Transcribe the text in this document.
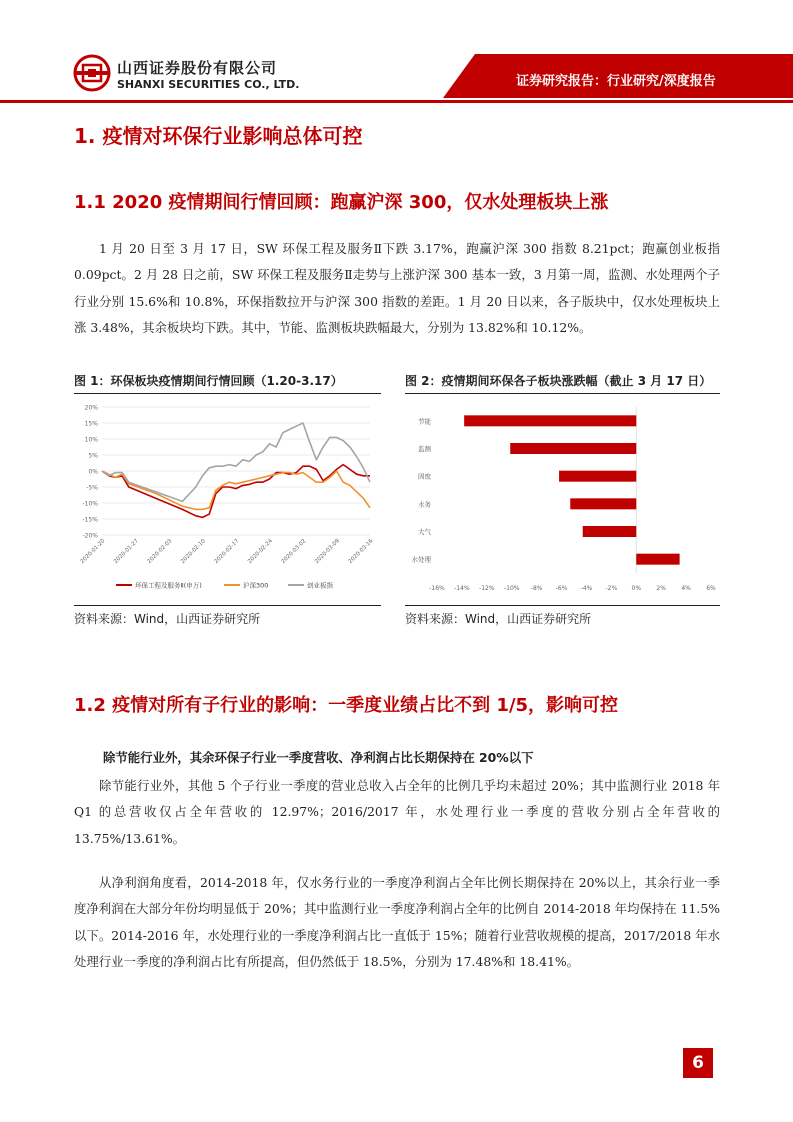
山西证券股份有限公司
SHANXI SECURITIES CO., LTD.	证券研究报告：行业研究/深度报告
1. 疫情对环保行业影响总体可控
1.1 2020 疫情期间行情回顾：跑赢沪深 300，仅水处理板块上涨
1 月 20 日至 3 月 17 日，SW 环保工程及服务Ⅱ下跌 3.17%，跑赢沪深 300 指数 8.21pct；跑赢创业板指 0.09pct。2 月 28 日之前，SW 环保工程及服务Ⅱ走势与上涨沪深 300 基本一致，3 月第一周，监测、水处理两个子行业分别 15.6%和 10.8%，环保指数拉开与沪深 300 指数的差距。1 月 20 日以来，各子版块中，仅水处理板块上涨 3.48%，其余板块均下跌。其中，节能、监测板块跌幅最大，分别为 13.82%和 10.12%。
图 1：环保板块疫情期间行情回顾（1.20-3.17）	图 2：疫情期间环保各子板块涨跌幅（截止 3 月 17 日）
20%
15%
10%
5%
0%
-5%
-10%
-15%
-20%
2020-01-20 2020-01-27 2020-02-03 2020-02-10 2020-02-17 2020-02-24 2020-03-02 2020-03-09 2020-03-16
环保工程及服务Ⅱ(申万)	沪深300	创业板指	-16% -14% -12% -10% -8% -6% -4% -2% 0%	2%	4%	6%
节能
监测
固废
水务
大气
水处理
资料来源：Wind，山西证券研究所	资料来源：Wind，山西证券研究所
1.2 疫情对所有子行业的影响：一季度业绩占比不到 1/5，影响可控
除节能行业外，其余环保子行业一季度营收、净利润占比长期保持在 20%以下
除节能行业外，其他 5 个子行业一季度的营业总收入占全年的比例几乎均未超过 20%；其中监测行业 2018 年 Q1 的总营收仅占全年营收的 12.97%；2016/2017 年，水处理行业一季度的营收分别占全年营收的 13.75%/13.61%。
从净利润角度看，2014-2018 年，仅水务行业的一季度净利润占全年比例长期保持在 20%以上，其余行业一季度净利润在大部分年份均明显低于 20%；其中监测行业一季度净利润占全年的比例自 2014-2018 年均保持在 11.5%以下。2014-2016 年，水处理行业的一季度净利润占比一直低于 15%；随着行业营收规模的提高，2017/2018 年水处理行业一季度的净利润占比有所提高，但仍然低于 18.5%，分别为 17.48%和 18.41%。
6
